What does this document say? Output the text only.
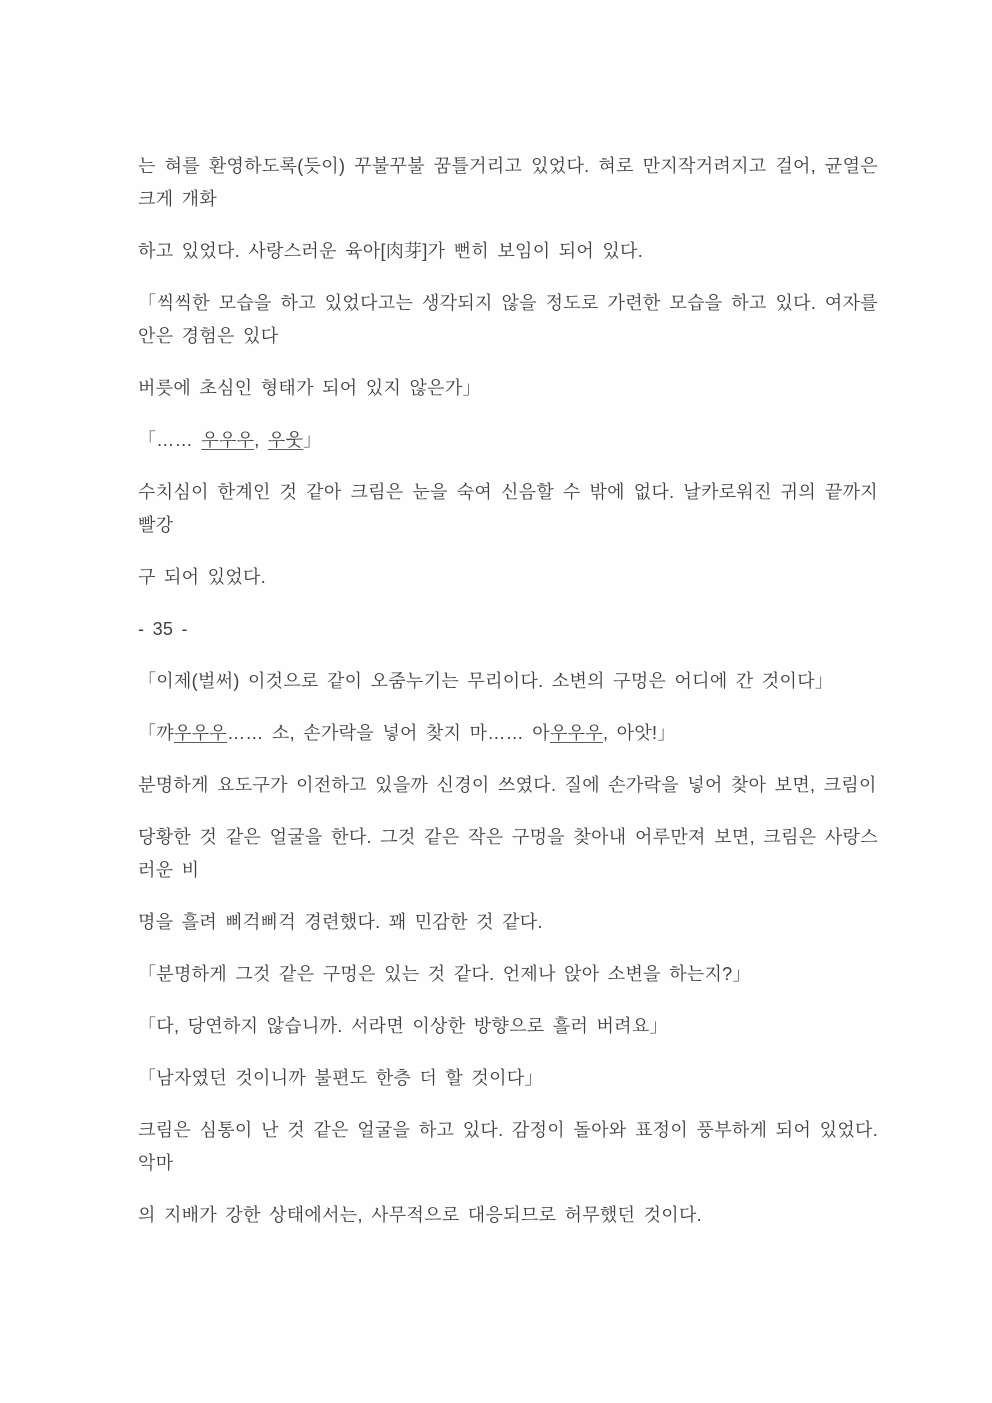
는 혀를 환영하도록(듯이) 꾸불꾸불 꿈틀거리고 있었다. 혀로 만지작거려지고 걸어, 균열은 크게 개화

하고 있었다. 사랑스러운 육아[肉芽]가 뻔히 보임이 되어 있다.

「씩씩한 모습을 하고 있었다고는 생각되지 않을 정도로 가련한 모습을 하고 있다. 여자를 안은 경험은 있다

버릇에 초심인 형태가 되어 있지 않은가」

「…… 우우우, 우웃」

수치심이 한계인 것 같아 크림은 눈을 숙여 신음할 수 밖에 없다. 날카로워진 귀의 끝까지 빨강

구 되어 있었다.

- 35 -

「이제(벌써) 이것으로 같이 오줌누기는 무리이다. 소변의 구멍은 어디에 간 것이다」

「꺄우우우…… 소, 손가락을 넣어 찾지 마…… 아우우우, 아앗!」

분명하게 요도구가 이전하고 있을까 신경이 쓰였다. 질에 손가락을 넣어 찾아 보면, 크림이

당황한 것 같은 얼굴을 한다. 그것 같은 작은 구멍을 찾아내 어루만져 보면, 크림은 사랑스러운 비

명을 흘려 삐걱삐걱 경련했다. 꽤 민감한 것 같다.

「분명하게 그것 같은 구멍은 있는 것 같다. 언제나 앉아 소변을 하는지?」

「다, 당연하지 않습니까. 서라면 이상한 방향으로 흘러 버려요」

「남자였던 것이니까 불편도 한층 더 할 것이다」

크림은 심통이 난 것 같은 얼굴을 하고 있다. 감정이 돌아와 표정이 풍부하게 되어 있었다. 악마

의 지배가 강한 상태에서는, 사무적으로 대응되므로 허무했던 것이다.
